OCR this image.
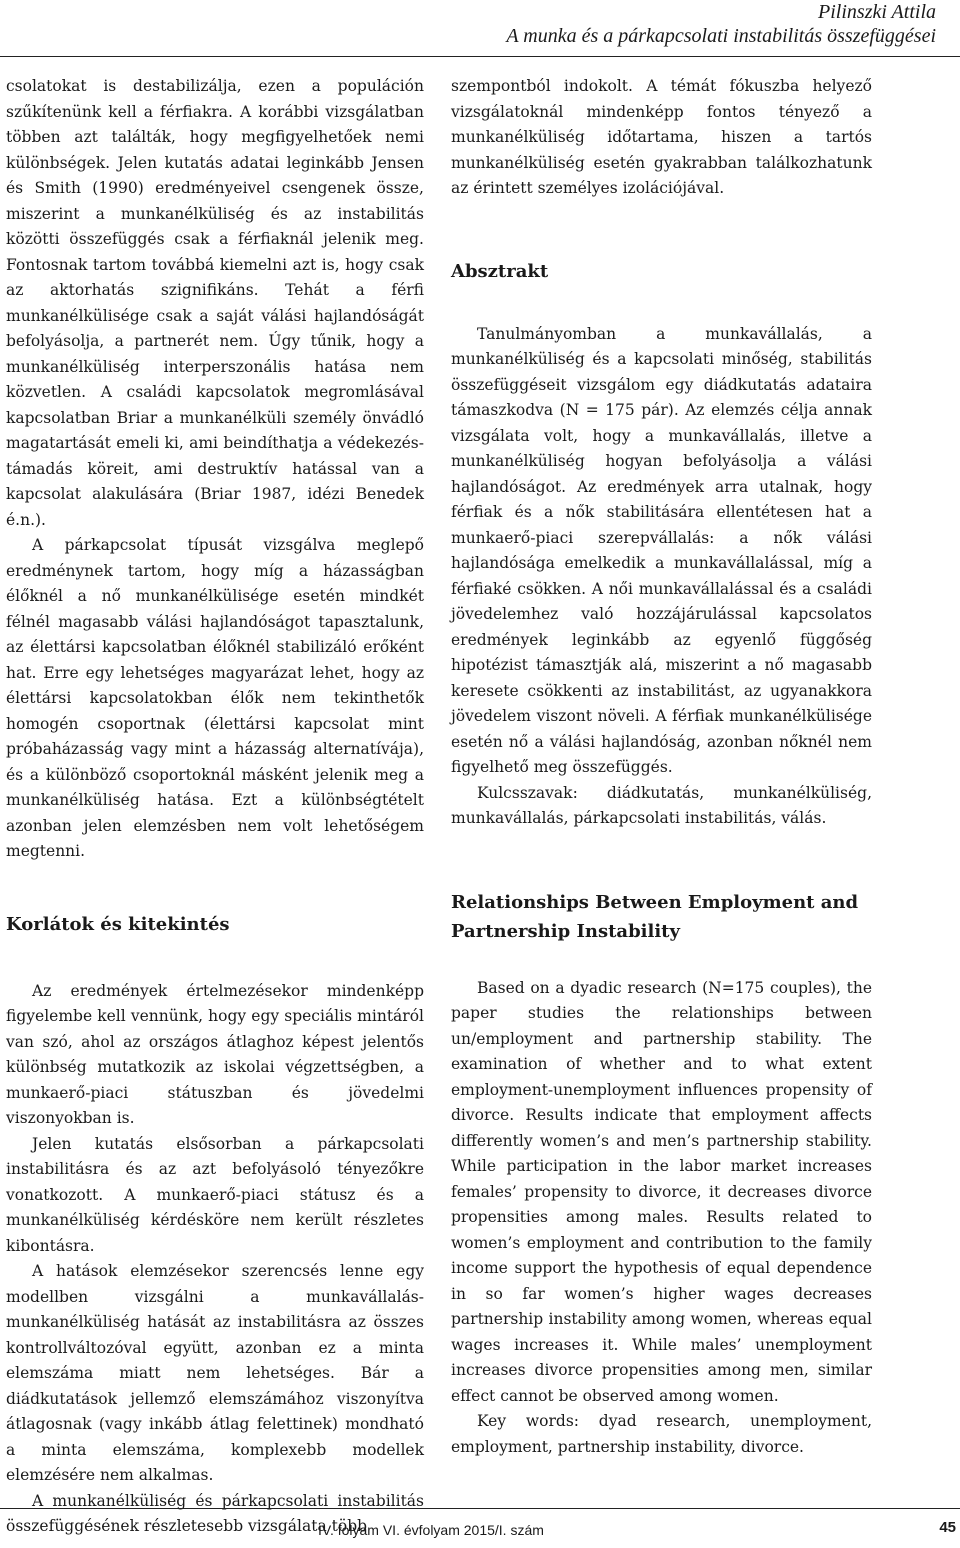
Pilinszki Attila
A munka és a párkapcsolati instabilitás összefüggései

csolatokat is destabilizálja, ezen a populáción szűkítenünk kell a férfiakra. A korábbi vizsgálatban többen azt találták, hogy megfigyelhetőek nemi különbségek. Jelen kutatás adatai leginkább Jensen és Smith (1990) eredményeivel csengenek össze, miszerint a munkanélküliség és az instabilitás közötti összefüggés csak a férfiaknál jelenik meg. Fontosnak tartom továbbá kiemelni azt is, hogy csak az aktorhatás szignifikáns. Tehát a férfi munkanélkülisége csak a saját válási hajlandóságát befolyásolja, a partnerét nem. Úgy tűnik, hogy a munkanélküliség interperszonális hatása nem közvetlen. A családi kapcsolatok megromlásával kapcsolatban Briar a munkanélküli személy önvádló magatartását emeli ki, ami beindíthatja a védekezés-támadás köreit, ami destruktív hatással van a kapcsolat alakulására (Briar 1987, idézi Benedek é.n.).

A párkapcsolat típusát vizsgálva meglepő eredménynek tartom, hogy míg a házasságban élőknél a nő munkanélkülisége esetén mindkét félnél magasabb válási hajlandóságot tapasztalunk, az élettársi kapcsolatban élőknél stabilizáló erőként hat. Erre egy lehetséges magyarázat lehet, hogy az élettársi kapcsolatokban élők nem tekinthetők homogén csoportnak (élettársi kapcsolat mint próbaházasság vagy mint a házasság alternatívája), és a különböző csoportoknál másként jelenik meg a munkanélküliség hatása. Ezt a különbségtételt azonban jelen elemzésben nem volt lehetőségem megtenni.

Korlátok és kitekintés

Az eredmények értelmezésekor mindenképp figyelembe kell vennünk, hogy egy speciális mintáról van szó, ahol az országos átlaghoz képest jelentős különbség mutatkozik az iskolai végzettségben, a munkaerő-piaci státuszban és jövedelmi viszonyokban is.

Jelen kutatás elsősorban a párkapcsolati instabilitásra és az azt befolyásoló tényezőkre vonatkozott. A munkaerő-piaci státusz és a munkanélküliség kérdésköre nem került részletes kibontásra.

A hatások elemzésekor szerencsés lenne egy modellben vizsgálni a munkavállalás-munkanélküliség hatását az instabilitásra az összes kontrollváltozóval együtt, azonban ez a minta elemszáma miatt nem lehetséges. Bár a diádkutatások jellemző elemszámához viszonyítva átlagosnak (vagy inkább átlag felettinek) mondható a minta elemszáma, komplexebb modellek elemzésére nem alkalmas.

A munkanélküliség és párkapcsolati instabilitás összefüggésének részletesebb vizsgálata több

szempontból indokolt. A témát fókuszba helyező vizsgálatoknál mindenképp fontos tényező a munkanélküliség időtartama, hiszen a tartós munkanélküliség esetén gyakrabban találkozhatunk az érintett személyes izolációjával.

Absztrakt

Tanulmányomban a munkavállalás, a munkanélküliség és a kapcsolati minőség, stabilitás összefüggéseit vizsgálom egy diádkutatás adataira támaszkodva (N = 175 pár). Az elemzés célja annak vizsgálata volt, hogy a munkavállalás, illetve a munkanélküliség hogyan befolyásolja a válási hajlandóságot. Az eredmények arra utalnak, hogy férfiak és a nők stabilitására ellentétesen hat a munkaerő-piaci szerepvállalás: a nők válási hajlandósága emelkedik a munkavállalással, míg a férfiaké csökken. A női munkavállalással és a családi jövedelemhez való hozzájárulással kapcsolatos eredmények leginkább az egyenlő függőség hipotézist támasztják alá, miszerint a nő magasabb keresete csökkenti az instabilitást, az ugyanakkora jövedelem viszont növeli. A férfiak munkanélkülisége esetén nő a válási hajlandóság, azonban nőknél nem figyelhető meg összefüggés.

Kulcsszavak: diádkutatás, munkanélküliség, munkavállalás, párkapcsolati instabilitás, válás.

Relationships Between Employment and Partnership Instability

Based on a dyadic research (N=175 couples), the paper studies the relationships between un/employment and partnership stability. The examination of whether and to what extent employment-unemployment influences propensity of divorce. Results indicate that employment affects differently women’s and men’s partnership stability. While participation in the labor market increases females’ propensity to divorce, it decreases divorce propensities among males. Results related to women’s employment and contribution to the family income support the hypothesis of equal dependence in so far women’s higher wages decreases partnership instability among women, whereas equal wages increases it. While males’ unemployment increases divorce propensities among men, similar effect cannot be observed among women.

Key words: dyad research, unemployment, employment, partnership instability, divorce.

IV. folyam VI. évfolyam 2015/I. szám	45
